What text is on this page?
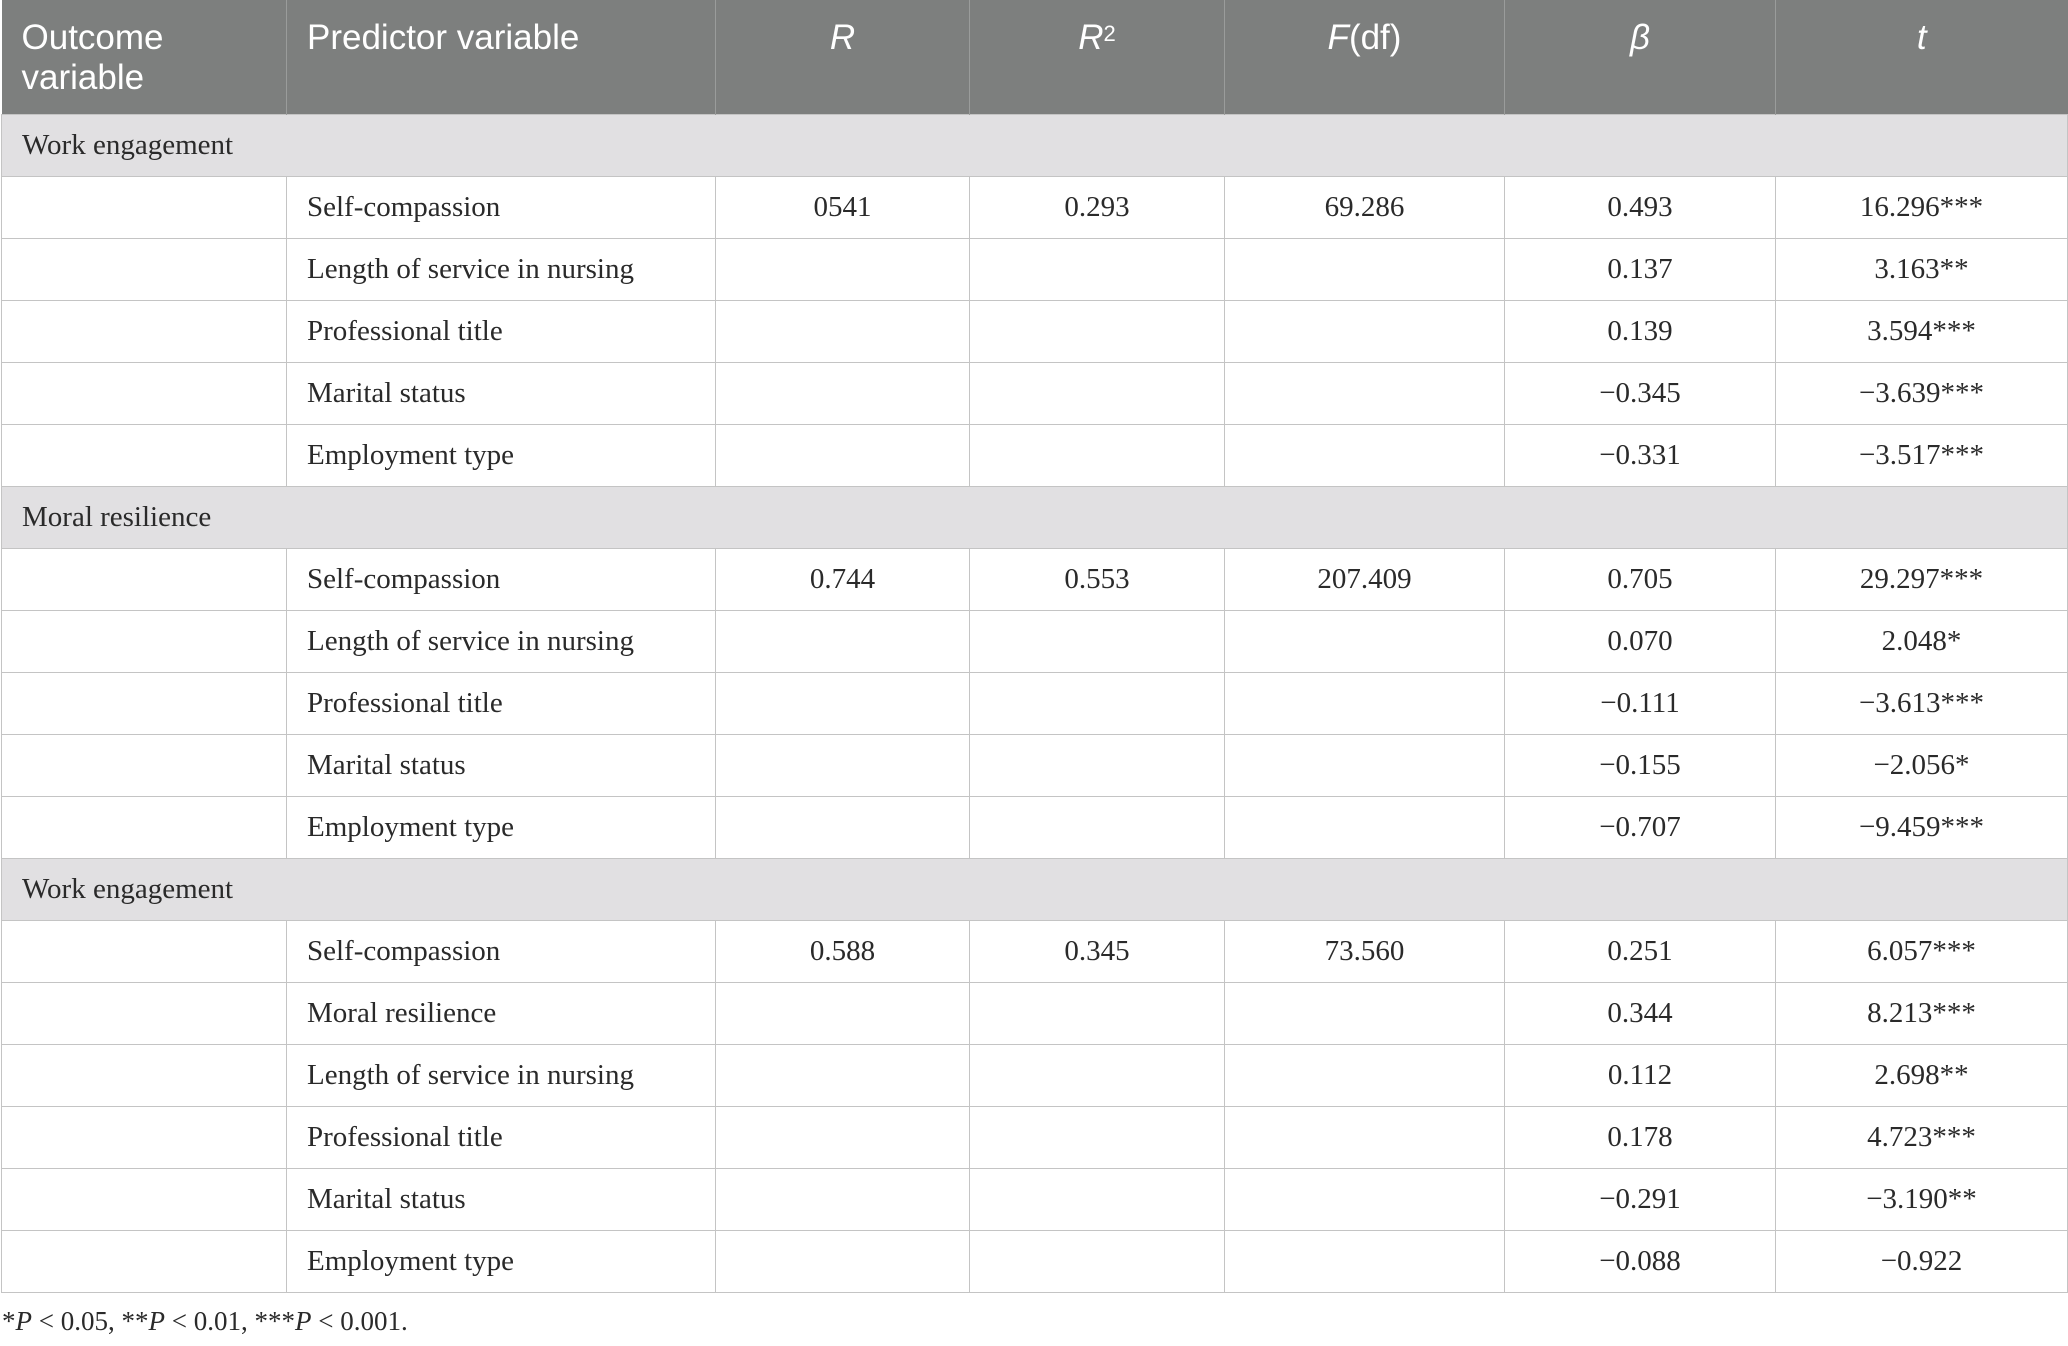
Outcome
variable	Predictor variable	R	$R^2$	F(df)	β	t
Work engagement						
	Self-compassion	0541	0.293	69.286	0.493	16.296***
	Length of service in nursing				0.137	3.163**
	Professional title				0.139	3.594***
	Marital status				−0.345	−3.639***
	Employment type				−0.331	−3.517***
Moral resilience						
	Self-compassion	0.744	0.553	207.409	0.705	29.297***
	Length of service in nursing				0.070	2.048*
	Professional title				−0.111	−3.613***
	Marital status				−0.155	−2.056*
	Employment type				−0.707	−9.459***
Work engagement						
	Self-compassion	0.588	0.345	73.560	0.251	6.057***
	Moral resilience				0.344	8.213***
	Length of service in nursing				0.112	2.698**
	Professional title				0.178	4.723***
	Marital status				−0.291	−3.190**
	Employment type				−0.088	−0.922
*P < 0.05, **P < 0.01, ***P < 0.001.
